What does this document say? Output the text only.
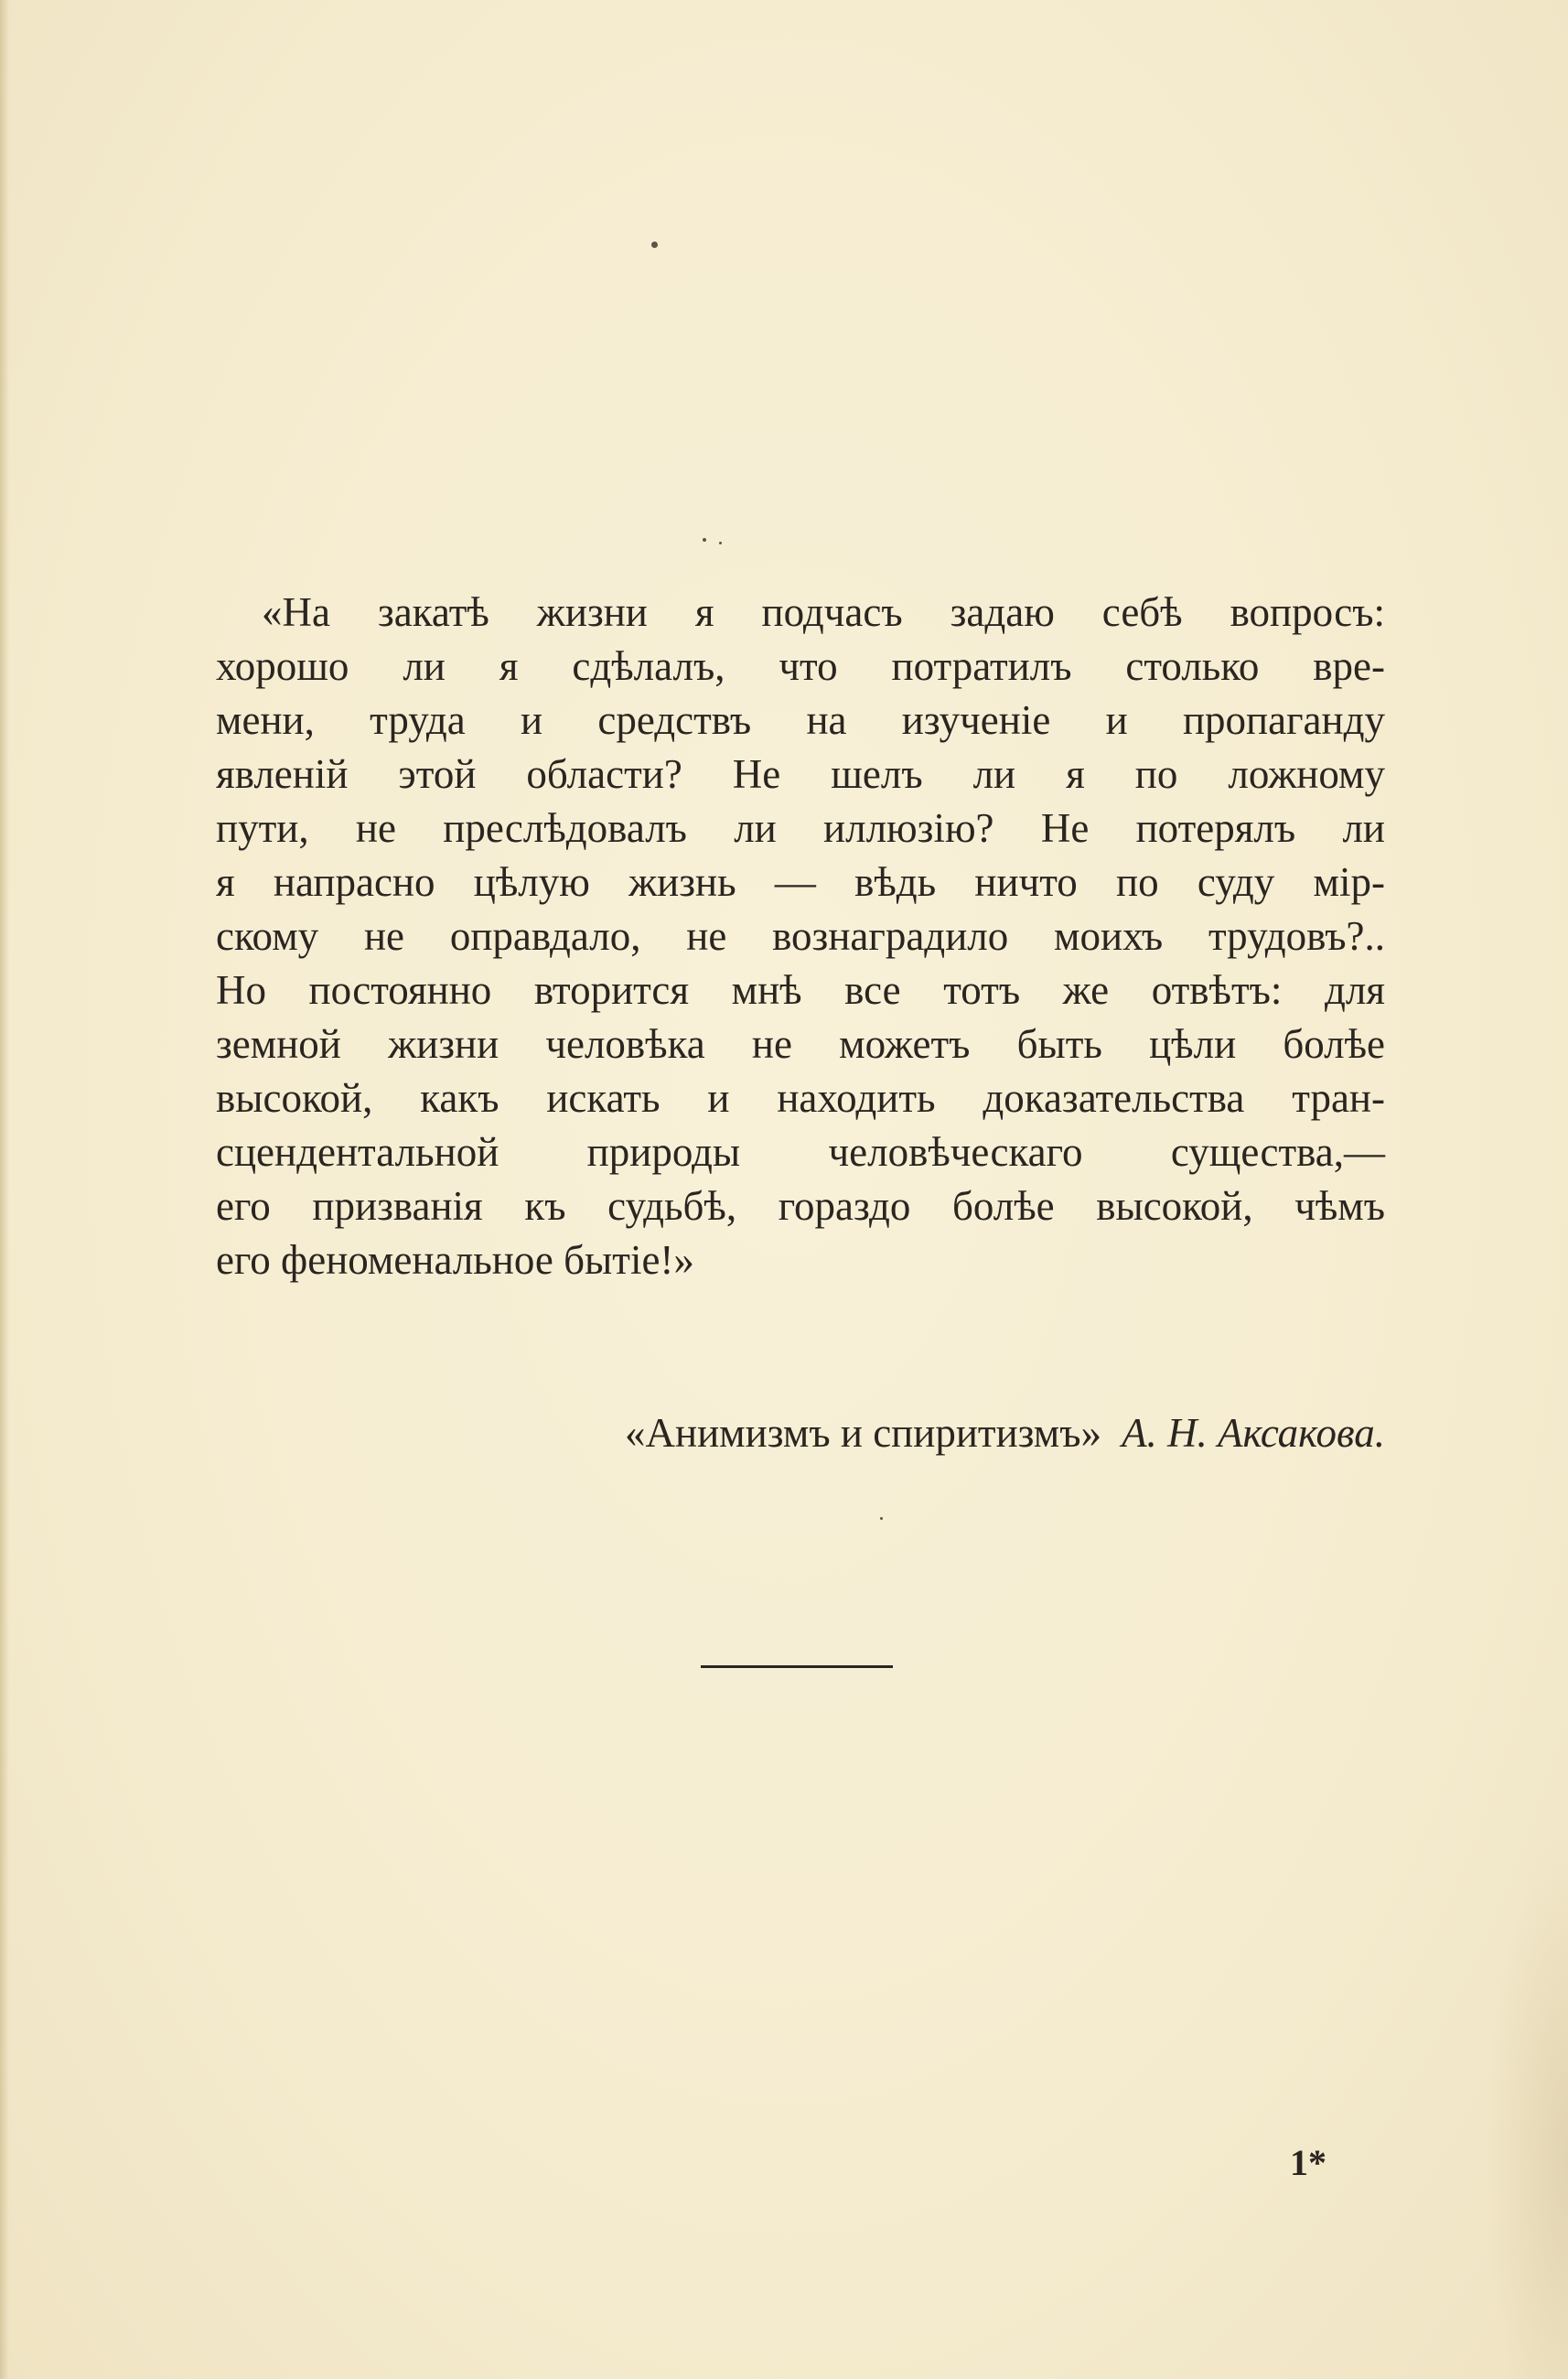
«На закатѣ жизни я подчасъ задаю себѣ вопросъ:
хорошо ли я сдѣлалъ, что потратилъ столько вре-
мени, труда и средствъ на изученіе и пропаганду
явленій этой области? Не шелъ ли я по ложному
пути, не преслѣдовалъ ли иллюзію? Не потерялъ ли
я напрасно цѣлую жизнь — вѣдь ничто по суду мір-
скому не оправдало, не вознаградило моихъ трудовъ?..
Но постоянно вторится мнѣ все тотъ же отвѣтъ: для
земной жизни человѣка не можетъ быть цѣли болѣе
высокой, какъ искать и находить доказательства тран-
сцендентальной природы человѣческаго существа,—
его призванія къ судьбѣ, гораздо болѣе высокой, чѣмъ
его феноменальное бытіе!»

«Анимизмъ и спиритизмъ» А. Н. Аксакова.
1*
